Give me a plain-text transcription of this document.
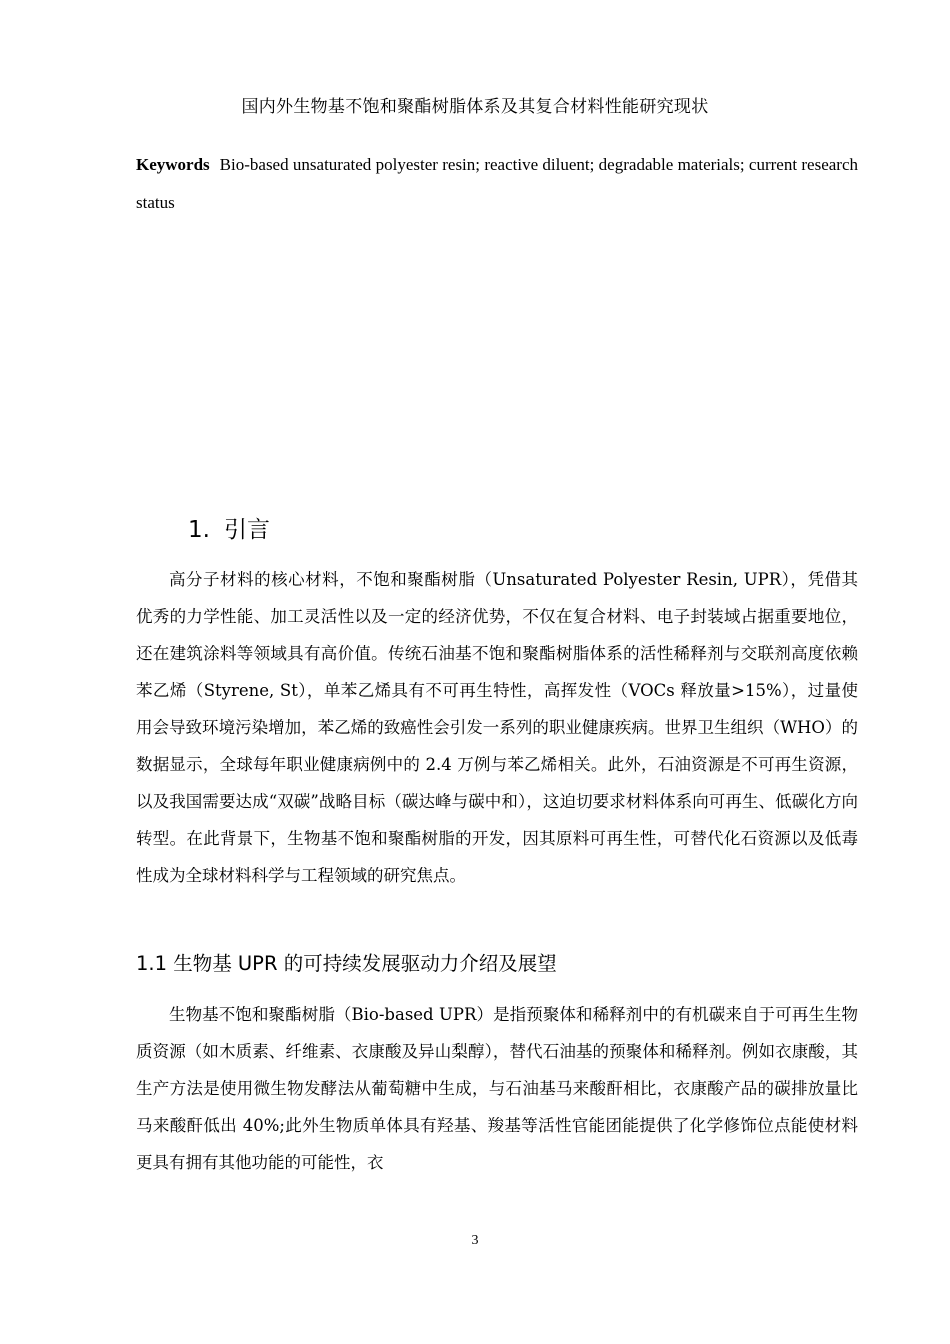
国内外生物基不饱和聚酯树脂体系及其复合材料性能研究现状
Keywords Bio-based unsaturated polyester resin; reactive diluent; degradable materials; current research status
1. 引言
高分子材料的核心材料，不饱和聚酯树脂（Unsaturated Polyester Resin, UPR），凭借其优秀的力学性能、加工灵活性以及一定的经济优势，不仅在复合材料、电子封装域占据重要地位，还在建筑涂料等领域具有高价值。传统石油基不饱和聚酯树脂体系的活性稀释剂与交联剂高度依赖苯乙烯（Styrene, St），单苯乙烯具有不可再生特性，高挥发性（VOCs 释放量>15%），过量使用会导致环境污染增加，苯乙烯的致癌性会引发一系列的职业健康疾病。世界卫生组织（WHO）的数据显示，全球每年职业健康病例中的 2.4 万例与苯乙烯相关。此外，石油资源是不可再生资源，以及我国需要达成“双碳”战略目标（碳达峰与碳中和），这迫切要求材料体系向可再生、低碳化方向转型。在此背景下，生物基不饱和聚酯树脂的开发，因其原料可再生性，可替代化石资源以及低毒性成为全球材料科学与工程领域的研究焦点。
1.1 生物基 UPR 的可持续发展驱动力介绍及展望
生物基不饱和聚酯树脂（Bio-based UPR）是指预聚体和稀释剂中的有机碳来自于可再生生物质资源（如木质素、纤维素、衣康酸及异山梨醇），替代石油基的预聚体和稀释剂。例如衣康酸，其生产方法是使用微生物发酵法从葡萄糖中生成，与石油基马来酸酐相比，衣康酸产品的碳排放量比马来酸酐低出 40%;此外生物质单体具有羟基、羧基等活性官能团能提供了化学修饰位点能使材料更具有拥有其他功能的可能性，衣
3
